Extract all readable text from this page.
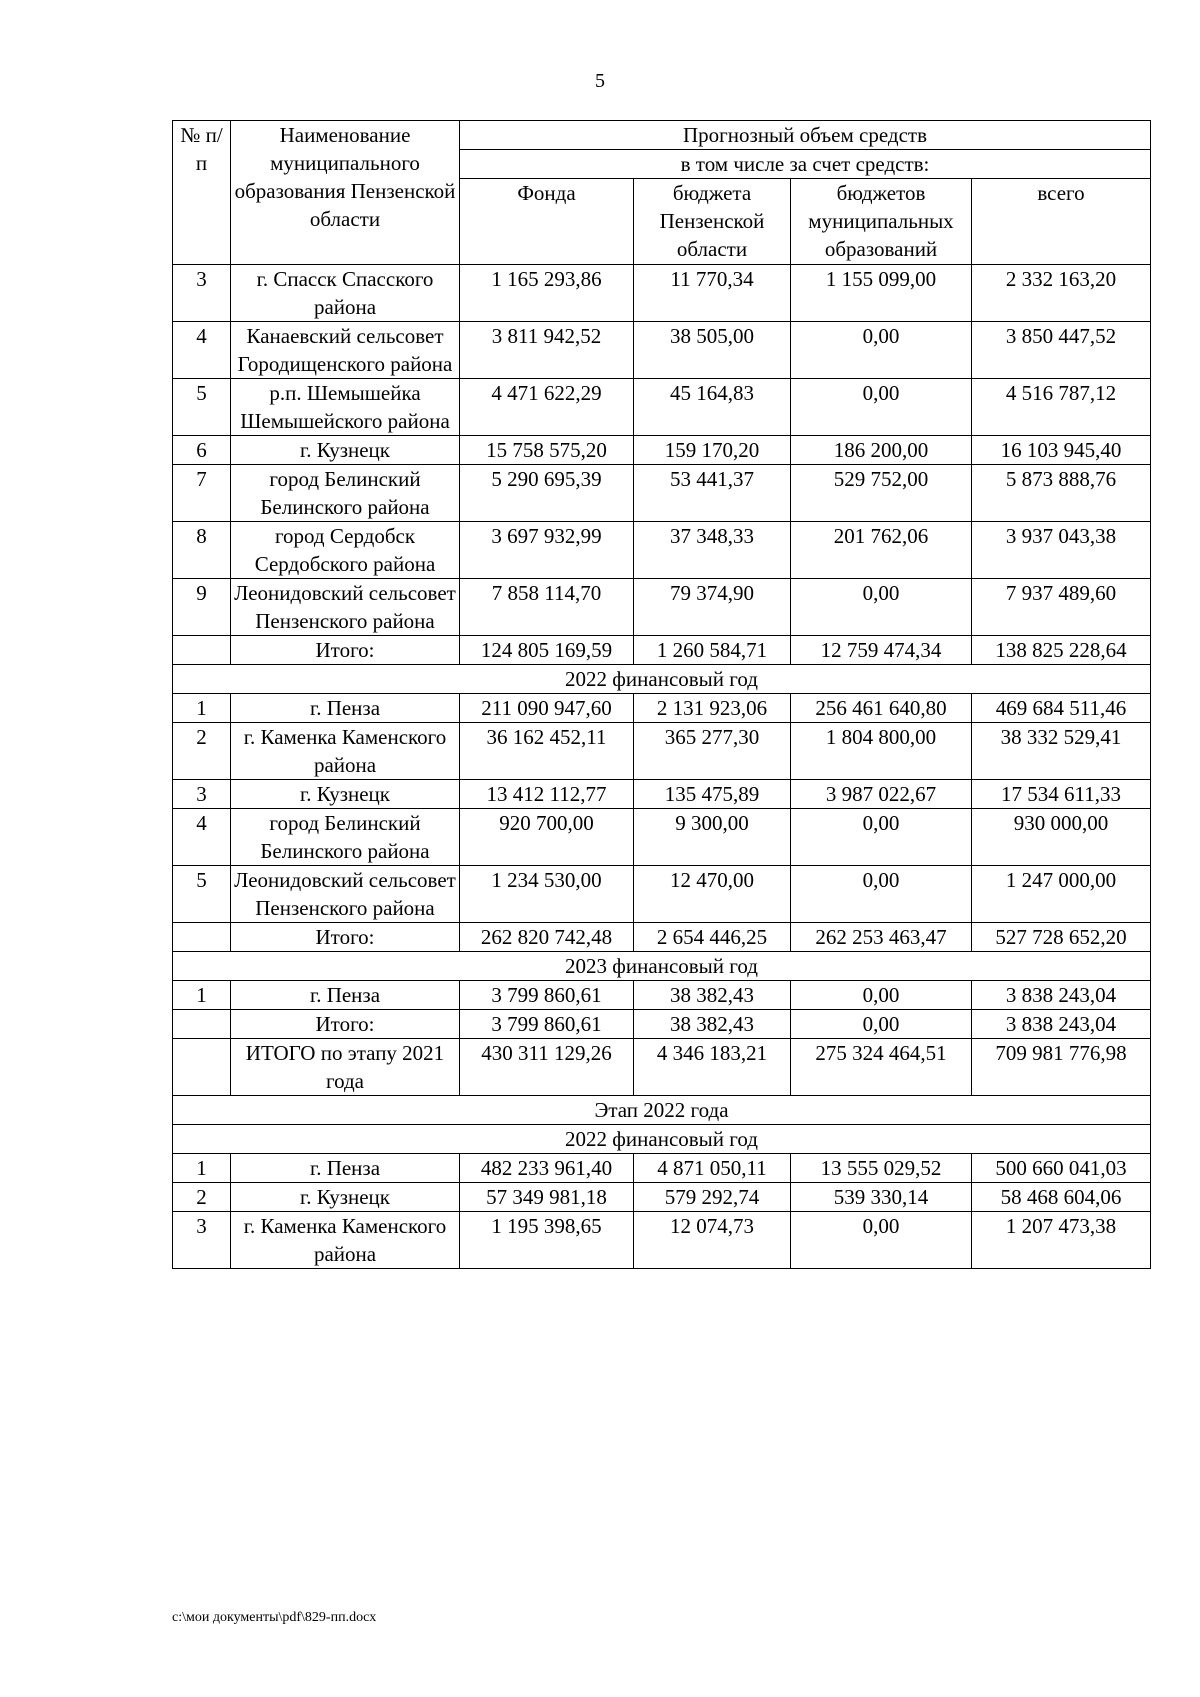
5
№ п/п	Наименование муниципального образования Пензенской области	Прогнозный объем средств			
		в том числе за счет средств:			
		Фонда	бюджета Пензенской области	бюджетов муниципальных образований	всего
3	г. Спасск Спасского района	1 165 293,86	11 770,34	1 155 099,00	2 332 163,20
4	Канаевский сельсовет Городищенского района	3 811 942,52	38 505,00	0,00	3 850 447,52
5	р.п. Шемышейка Шемышейского района	4 471 622,29	45 164,83	0,00	4 516 787,12
6	г. Кузнецк	15 758 575,20	159 170,20	186 200,00	16 103 945,40
7	город Белинский Белинского района	5 290 695,39	53 441,37	529 752,00	5 873 888,76
8	город Сердобск Сердобского района	3 697 932,99	37 348,33	201 762,06	3 937 043,38
9	Леонидовский сельсовет Пензенского района	7 858 114,70	79 374,90	0,00	7 937 489,60
	Итого:	124 805 169,59	1 260 584,71	12 759 474,34	138 825 228,64
2022 финансовый год					
1	г. Пенза	211 090 947,60	2 131 923,06	256 461 640,80	469 684 511,46
2	г. Каменка Каменского района	36 162 452,11	365 277,30	1 804 800,00	38 332 529,41
3	г. Кузнецк	13 412 112,77	135 475,89	3 987 022,67	17 534 611,33
4	город Белинский Белинского района	920 700,00	9 300,00	0,00	930 000,00
5	Леонидовский сельсовет Пензенского района	1 234 530,00	12 470,00	0,00	1 247 000,00
	Итого:	262 820 742,48	2 654 446,25	262 253 463,47	527 728 652,20
2023 финансовый год					
1	г. Пенза	3 799 860,61	38 382,43	0,00	3 838 243,04
	Итого:	3 799 860,61	38 382,43	0,00	3 838 243,04
	ИТОГО по этапу 2021 года	430 311 129,26	4 346 183,21	275 324 464,51	709 981 776,98
Этап 2022 года					
2022 финансовый год					
1	г. Пенза	482 233 961,40	4 871 050,11	13 555 029,52	500 660 041,03
2	г. Кузнецк	57 349 981,18	579 292,74	539 330,14	58 468 604,06
3	г. Каменка Каменского района	1 195 398,65	12 074,73	0,00	1 207 473,38
c:\мои документы\pdf\829-пп.docx
